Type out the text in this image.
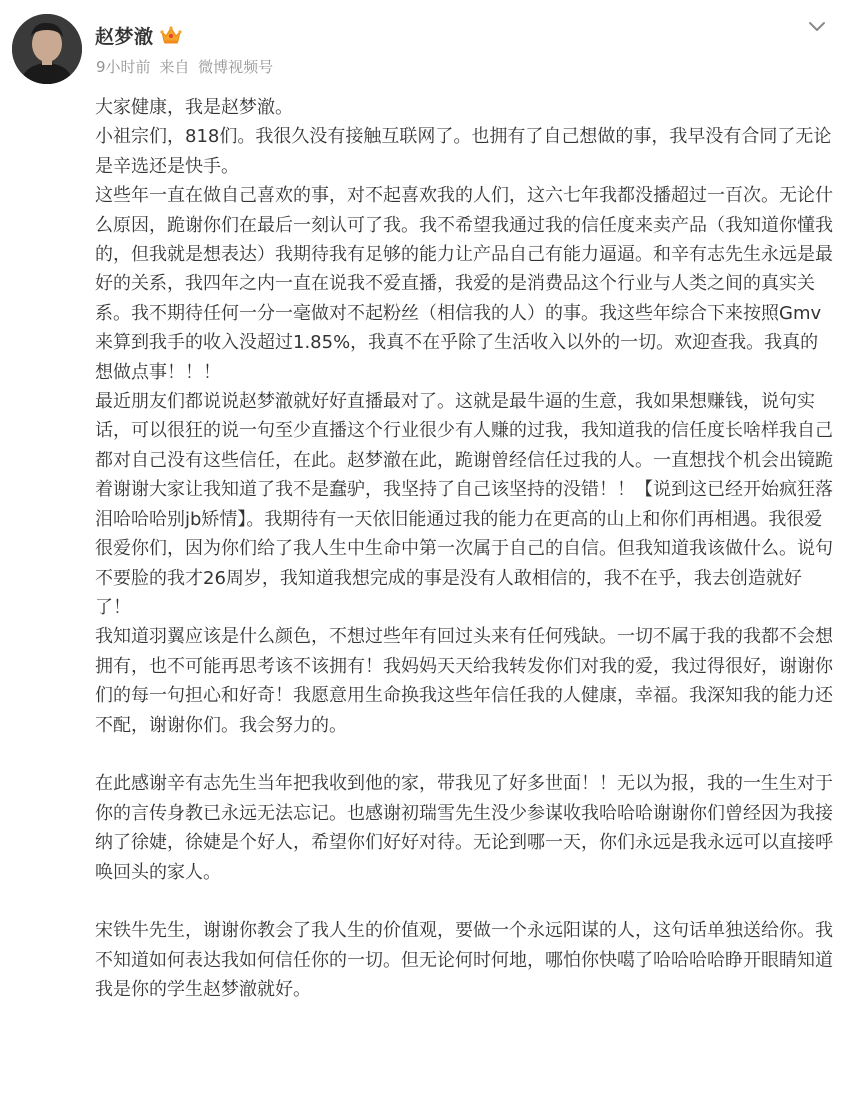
赵梦澈
9小时前 来自 微博视频号

大家健康，我是赵梦澈。

小祖宗们，818们。我很久没有接触互联网了。也拥有了自己想做的事，我早没有合同了无论是辛选还是快手。

这些年一直在做自己喜欢的事，对不起喜欢我的人们，这六七年我都没播超过一百次。无论什么原因，跪谢你们在最后一刻认可了我。我不希望我通过我的信任度来卖产品（我知道你懂我的，但我就是想表达）我期待我有足够的能力让产品自己有能力逼逼。和辛有志先生永远是最好的关系，我四年之内一直在说我不爱直播，我爱的是消费品这个行业与人类之间的真实关系。我不期待任何一分一毫做对不起粉丝（相信我的人）的事。我这些年综合下来按照Gmv来算到我手的收入没超过1.85%，我真不在乎除了生活收入以外的一切。欢迎查我。我真的想做点事！！！

最近朋友们都说说赵梦澈就好好直播最对了。这就是最牛逼的生意，我如果想赚钱，说句实话，可以很狂的说一句至少直播这个行业很少有人赚的过我，我知道我的信任度长啥样我自己都对自己没有这些信任，在此。赵梦澈在此，跪谢曾经信任过我的人。一直想找个机会出镜跪着谢谢大家让我知道了我不是蠢驴，我坚持了自己该坚持的没错！！【说到这已经开始疯狂落泪哈哈哈别jb矫情】。我期待有一天依旧能通过我的能力在更高的山上和你们再相遇。我很爱很爱你们，因为你们给了我人生中生命中第一次属于自己的自信。但我知道我该做什么。说句不要脸的我才26周岁，我知道我想完成的事是没有人敢相信的，我不在乎，我去创造就好了！

我知道羽翼应该是什么颜色，不想过些年有回过头来有任何残缺。一切不属于我的我都不会想拥有，也不可能再思考该不该拥有！我妈妈天天给我转发你们对我的爱，我过得很好，谢谢你们的每一句担心和好奇！我愿意用生命换我这些年信任我的人健康，幸福。我深知我的能力还不配，谢谢你们。我会努力的。

在此感谢辛有志先生当年把我收到他的家，带我见了好多世面！！无以为报，我的一生生对于你的言传身教已永远无法忘记。也感谢初瑞雪先生没少参谋收我哈哈哈谢谢你们曾经因为我接纳了徐婕，徐婕是个好人，希望你们好好对待。无论到哪一天，你们永远是我永远可以直接呼唤回头的家人。

宋铁牛先生，谢谢你教会了我人生的价值观，要做一个永远阳谋的人，这句话单独送给你。我不知道如何表达我如何信任你的一切。但无论何时何地，哪怕你快噶了哈哈哈哈睁开眼睛知道我是你的学生赵梦澈就好。
